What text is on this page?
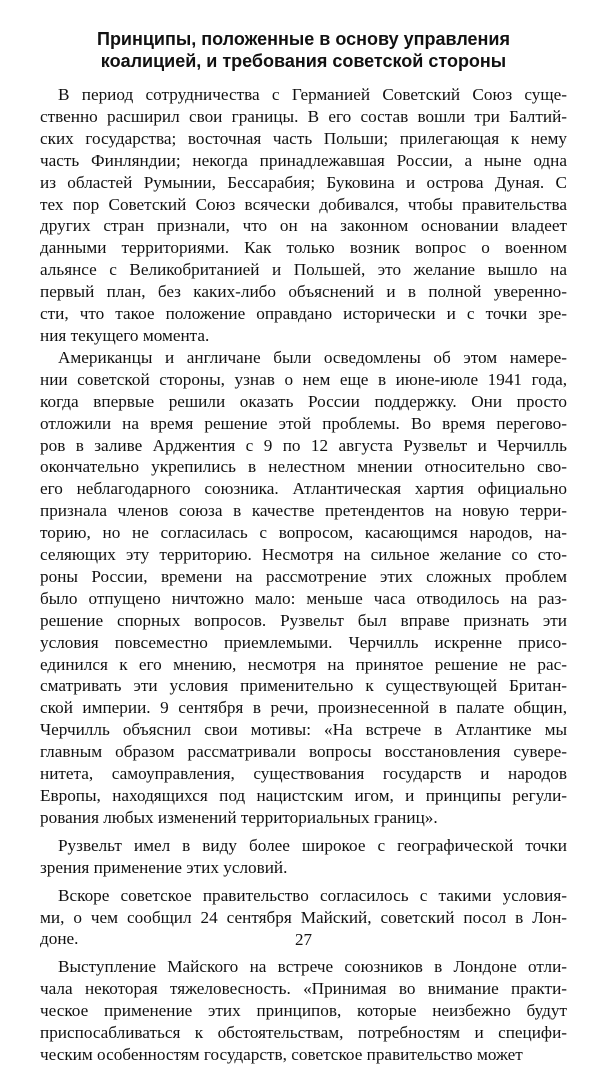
Принципы, положенные в основу управления
коалицией, и требования советской стороны
В период сотрудничества с Германией Советский Союз суще-
ственно расширил свои границы. В его состав вошли три Балтий-
ских государства; восточная часть Польши; прилегающая к нему
часть Финляндии; некогда принадлежавшая России, а ныне одна
из областей Румынии, Бессарабия; Буковина и острова Дуная. С
тех пор Советский Союз всячески добивался, чтобы правительства
других стран признали, что он на законном основании владеет
данными территориями. Как только возник вопрос о военном
альянсе с Великобританией и Польшей, это желание вышло на
первый план, без каких-либо объяснений и в полной уверенно-
сти, что такое положение оправдано исторически и с точки зре-
ния текущего момента.
Американцы и англичане были осведомлены об этом намере-
нии советской стороны, узнав о нем еще в июне-июле 1941 года,
когда впервые решили оказать России поддержку. Они просто
отложили на время решение этой проблемы. Во время перегово-
ров в заливе Арджентия с 9 по 12 августа Рузвельт и Черчилль
окончательно укрепились в нелестном мнении относительно сво-
его неблагодарного союзника. Атлантическая хартия официально
признала членов союза в качестве претендентов на новую терри-
торию, но не согласилась с вопросом, касающимся народов, на-
селяющих эту территорию. Несмотря на сильное желание со сто-
роны России, времени на рассмотрение этих сложных проблем
было отпущено ничтожно мало: меньше часа отводилось на раз-
решение спорных вопросов. Рузвельт был вправе признать эти
условия повсеместно приемлемыми. Черчилль искренне присо-
единился к его мнению, несмотря на принятое решение не рас-
сматривать эти условия применительно к существующей Британ-
ской империи. 9 сентября в речи, произнесенной в палате общин,
Черчилль объяснил свои мотивы: «На встрече в Атлантике мы
главным образом рассматривали вопросы восстановления сувере-
нитета, самоуправления, существования государств и народов
Европы, находящихся под нацистским игом, и принципы регули-
рования любых изменений территориальных границ».
Рузвельт имел в виду более широкое с географической точки
зрения применение этих условий.
Вскоре советское правительство согласилось с такими условия-
ми, о чем сообщил 24 сентября Майский, советский посол в Лон-
доне.
Выступление Майского на встрече союзников в Лондоне отли-
чала некоторая тяжеловесность. «Принимая во внимание практи-
ческое применение этих принципов, которые неизбежно будут
приспосабливаться к обстоятельствам, потребностям и специфи-
ческим особенностям государств, советское правительство может
27
